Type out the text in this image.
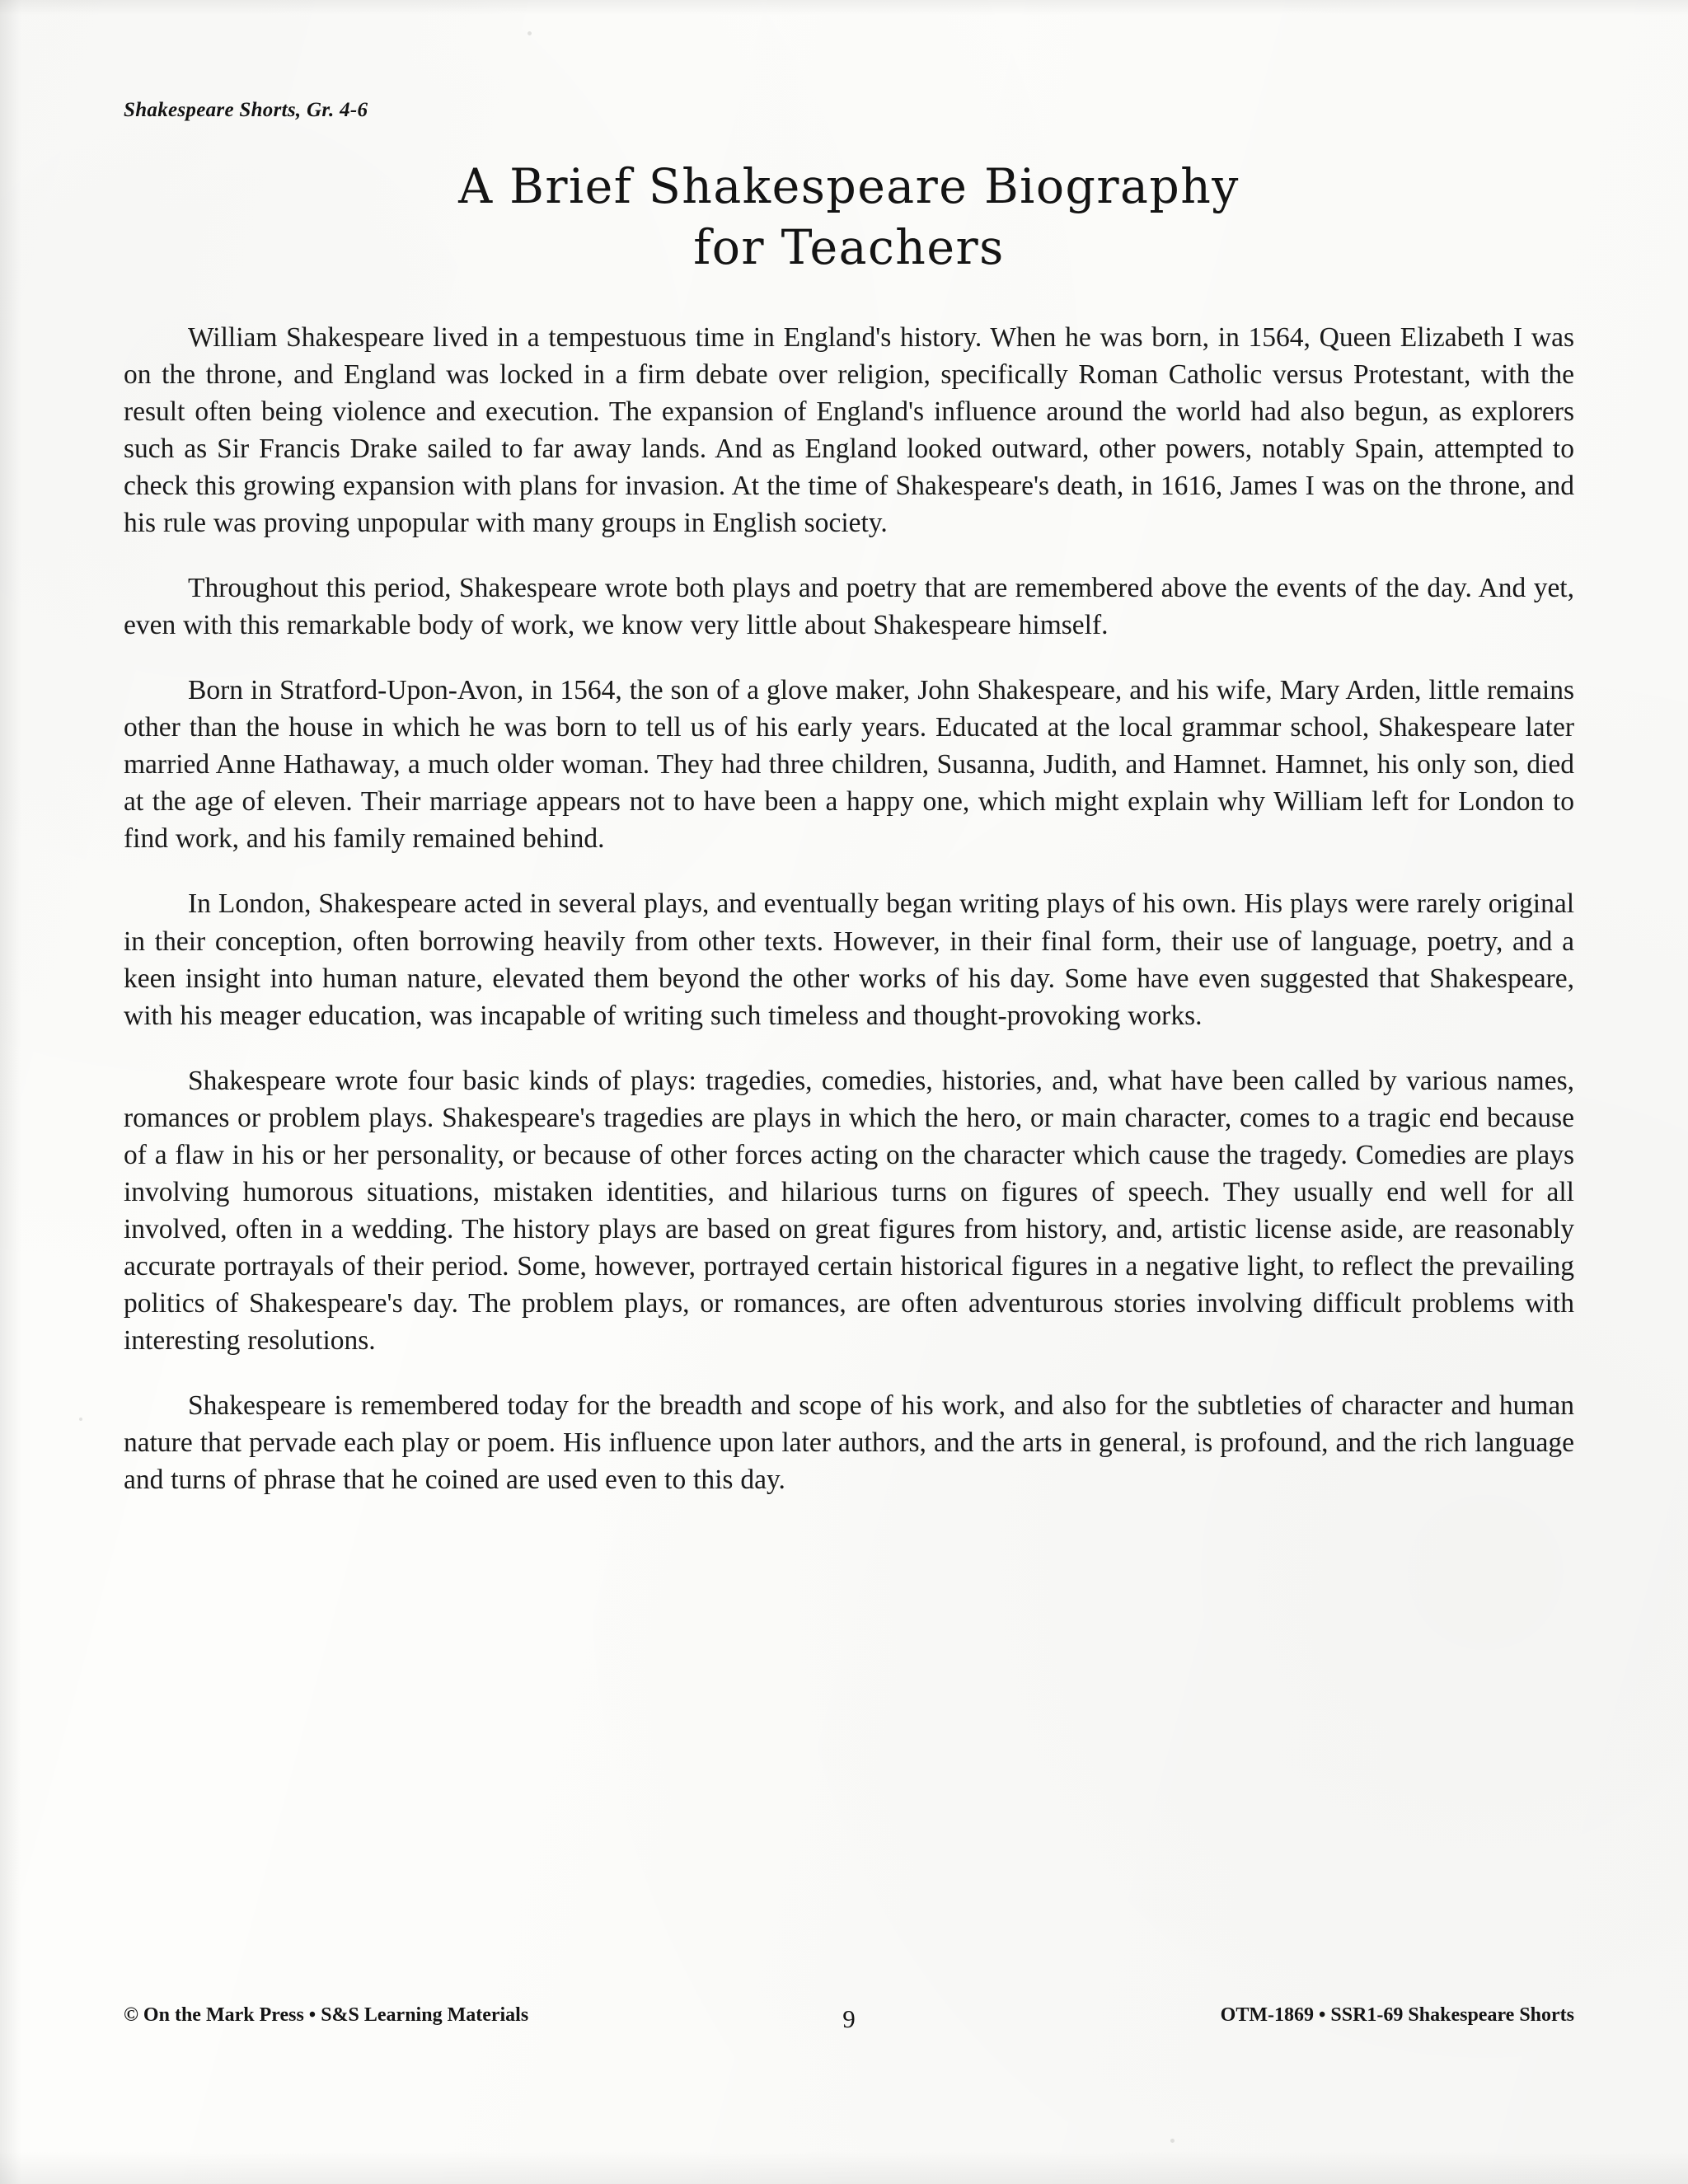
Shakespeare Shorts, Gr. 4-6
A Brief Shakespeare Biography
for Teachers

William Shakespeare lived in a tempestuous time in England's history. When he was born, in 1564, Queen Elizabeth I was on the throne, and England was locked in a firm debate over religion, specifically Roman Catholic versus Protestant, with the result often being violence and execution. The expansion of England's influence around the world had also begun, as explorers such as Sir Francis Drake sailed to far away lands. And as England looked outward, other powers, notably Spain, attempted to check this growing expansion with plans for invasion. At the time of Shakespeare's death, in 1616, James I was on the throne, and his rule was proving unpopular with many groups in English society.

Throughout this period, Shakespeare wrote both plays and poetry that are remembered above the events of the day. And yet, even with this remarkable body of work, we know very little about Shakespeare himself.

Born in Stratford-Upon-Avon, in 1564, the son of a glove maker, John Shakespeare, and his wife, Mary Arden, little remains other than the house in which he was born to tell us of his early years. Educated at the local grammar school, Shakespeare later married Anne Hathaway, a much older woman. They had three children, Susanna, Judith, and Hamnet. Hamnet, his only son, died at the age of eleven. Their marriage appears not to have been a happy one, which might explain why William left for London to find work, and his family remained behind.

In London, Shakespeare acted in several plays, and eventually began writing plays of his own. His plays were rarely original in their conception, often borrowing heavily from other texts. However, in their final form, their use of language, poetry, and a keen insight into human nature, elevated them beyond the other works of his day. Some have even suggested that Shakespeare, with his meager education, was incapable of writing such timeless and thought-provoking works.

Shakespeare wrote four basic kinds of plays: tragedies, comedies, histories, and, what have been called by various names, romances or problem plays. Shakespeare's tragedies are plays in which the hero, or main character, comes to a tragic end because of a flaw in his or her personality, or because of other forces acting on the character which cause the tragedy. Comedies are plays involving humorous situations, mistaken identities, and hilarious turns on figures of speech. They usually end well for all involved, often in a wedding. The history plays are based on great figures from history, and, artistic license aside, are reasonably accurate portrayals of their period. Some, however, portrayed certain historical figures in a negative light, to reflect the prevailing politics of Shakespeare's day. The problem plays, or romances, are often adventurous stories involving difficult problems with interesting resolutions.

Shakespeare is remembered today for the breadth and scope of his work, and also for the subtleties of character and human nature that pervade each play or poem. His influence upon later authors, and the arts in general, is profound, and the rich language and turns of phrase that he coined are used even to this day.

© On the Mark Press • S&S Learning Materials	9	OTM-1869 • SSR1-69 Shakespeare Shorts
